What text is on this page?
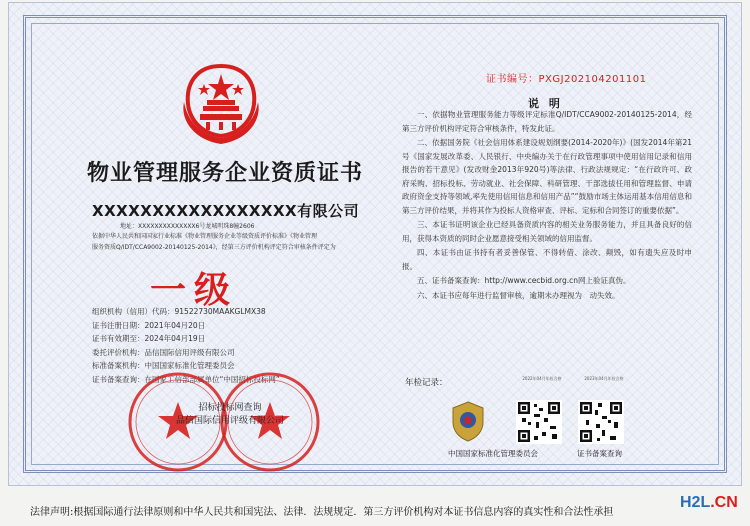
物业管理服务企业资质证书
XXXXXXXXXXXXXXXXX有限公司
地址：XXXXXXXXXXXXXX6号龙城明珠8幢2606
依据中华人民共和国国家行业标准《物业管理服务企业等级资质评价标准》《物业管理
服务资质Q/IDT/CCA9002-20140125-2014》，经第三方评价机构评定符合审核条件评定为
一级
组织机构（信用）代码：91522730MAAKGLMX38
证书注册日期：2021年04月20日
证书有效期至：2024年04月19日
委托评价机构：品信国际信用评级有限公司
标准备案机构：中国国家标准化管理委员会
证书备案查询：在国家工信部部属单位“中国招标投标网”
招标投标网查询
品信国际信用评级有限公司
证书编号：PXGJ202104201101
说 明

一、依据物业管理服务能力等级评定标准Q/IDT/CCA9002-20140125-2014，经第三方评价机构评定符合审核条件，特发此证。

二、依据国务院《社会信用体系建设规划纲要(2014-2020年)》(国发2014年第21号《国家发展改革委、人民银行、中央编办关于在行政管理事项中使用信用记录和信用报告的若干意见》(发改财金2013年920号)等法律、行政法规规定：“在行政许可、政府采购、招标投标、劳动就业、社会保障、科研管理、干部选拔任用和管理监督、申请政府资金支持等领域,率先使用信用信息和信用产品”“鼓励市场主体运用基本信用信息和第三方评价结果，并将其作为投标人资格审查、评标、定标和合同签订的重要依据”。

三、本证书证明该企业已经具备资质内容的相关业务服务能力，并且具备良好的信用，获得本资质的同时企业愿意接受相关领域的信用监督。

四、本证书由证书持有者妥善保管、不得转借、涂改、颠毁，如有遗失应及时申报。

五、证书备案查询：http://www.cecbid.org.cn网上验证真伪。

六、本证书应每年进行监督审核，逾期未办理视为　动失效。

年检记录：	2022年04月年检合格	2023年04月年检合格
中国国家标准化管理委员会	证书备案查询
法律声明:根据国际通行法律原则和中华人民共和国宪法、法律．法规规定．第三方评价机构对本证书信息内容的真实性和合法性承担
H2L.CN
